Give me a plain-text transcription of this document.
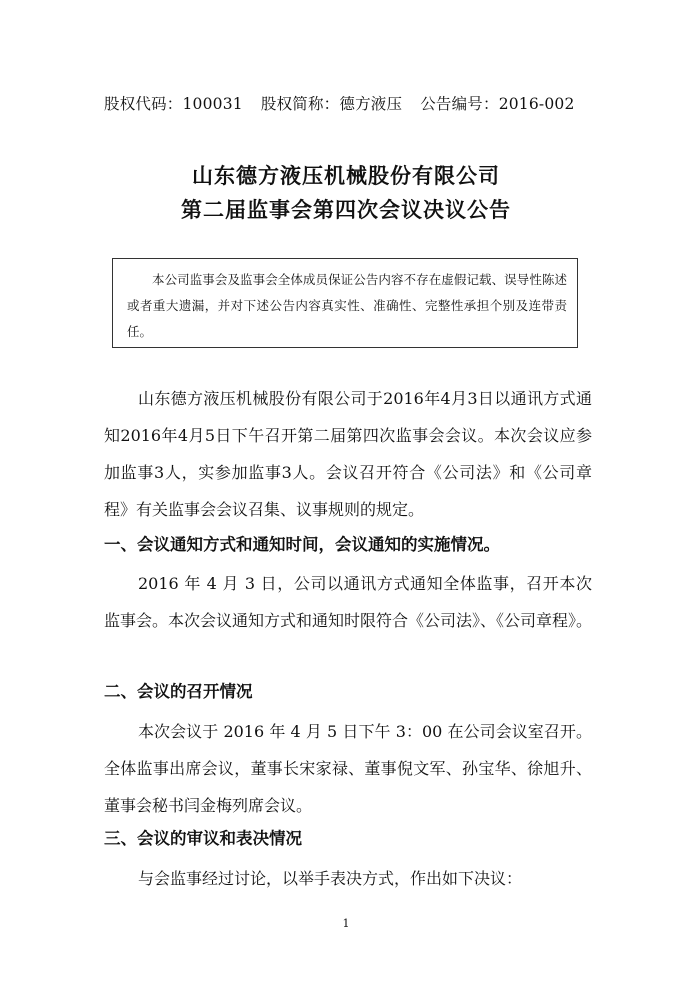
股权代码：100031 股权简称：德方液压 公告编号：2016-002
山东德方液压机械股份有限公司
第二届监事会第四次会议决议公告
本公司监事会及监事会全体成员保证公告内容不存在虚假记载、误导性陈述或者重大遗漏，并对下述公告内容真实性、准确性、完整性承担个别及连带责任。
山东德方液压机械股份有限公司于2016年4月3日以通讯方式通知2016年4月5日下午召开第二届第四次监事会会议。本次会议应参加监事3人，实参加监事3人。会议召开符合《公司法》和《公司章程》有关监事会会议召集、议事规则的规定。
一、会议通知方式和通知时间，会议通知的实施情况。
2016 年 4 月 3 日，公司以通讯方式通知全体监事，召开本次监事会。本次会议通知方式和通知时限符合《公司法》、《公司章程》。
二、会议的召开情况
本次会议于 2016 年 4 月 5 日下午 3：00 在公司会议室召开。全体监事出席会议，董事长宋家禄、董事倪文军、孙宝华、徐旭升、董事会秘书闫金梅列席会议。
三、会议的审议和表决情况
与会监事经过讨论，以举手表决方式，作出如下决议：
1
